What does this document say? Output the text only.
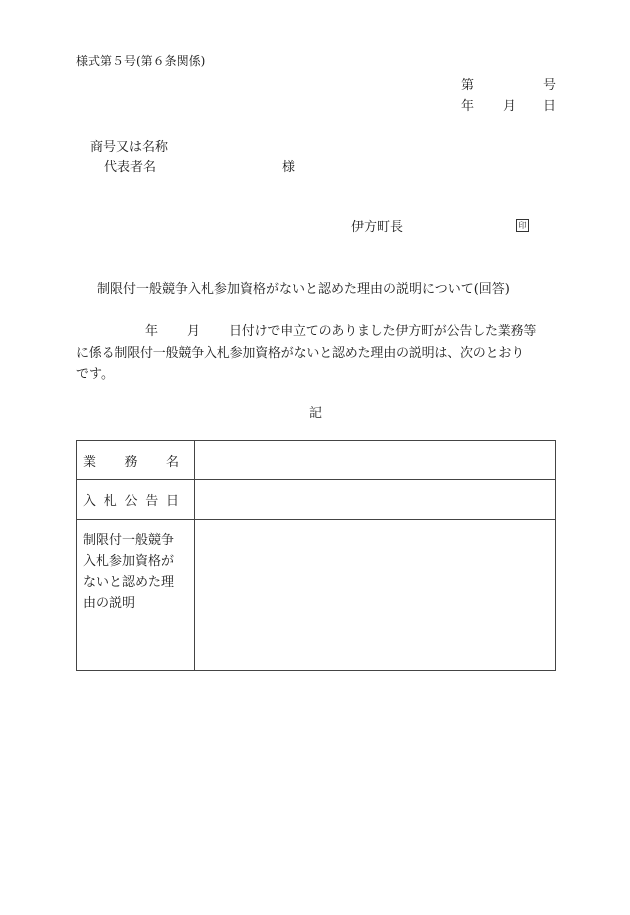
様式第５号(第６条関係)
第	号
年 月 日
商号又は名称
代表者名	様
伊方町長	印
制限付一般競争入札参加資格がないと認めた理由の説明について(回答)
年 月 日付けで申立てのありました伊方町が公告した業務等
に係る制限付一般競争入札参加資格がないと認めた理由の説明は、次のとおり
です。
記
業 務 名	

入 札 公 告 日	

制限付一般競争
入札参加資格が
ないと認めた理
由の説明	
